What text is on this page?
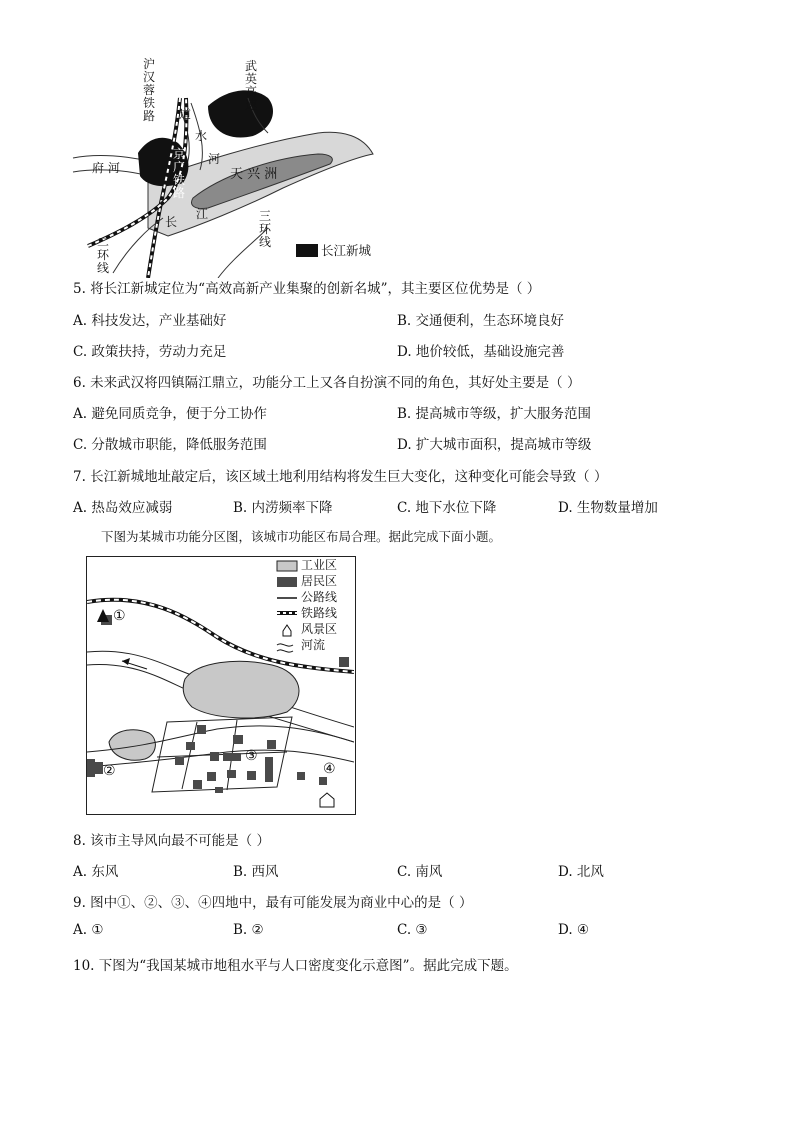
沪
汉
蓉
铁
路
武
英
高
速
道
水
河
京
广
铁
路
长
二
环
线
三
环
线
府 河	天 兴 洲
江
长江新城
5. 将长江新城定位为“高效高新产业集聚的创新名城”，其主要区位优势是（ ）
A. 科技发达，产业基础好	B. 交通便利，生态环境良好
C. 政策扶持，劳动力充足	D. 地价较低，基础设施完善
6. 未来武汉将四镇隔江鼎立，功能分工上又各自扮演不同的角色，其好处主要是（ ）
A. 避免同质竞争，便于分工协作	B. 提高城市等级，扩大服务范围
C. 分散城市职能，降低服务范围	D. 扩大城市面积，提高城市等级
7. 长江新城地址敲定后，该区域土地利用结构将发生巨大变化，这种变化可能会导致（ ）
A. 热岛效应减弱	B. 内涝频率下降	C. 地下水位下降	D. 生物数量增加
下图为某城市功能分区图，该城市功能区布局合理。据此完成下面小题。
工业区
居民区
公路线
铁路线
风景区
河流
①
②
③
④
8. 该市主导风向最不可能是（ ）
A. 东风	B. 西风	C. 南风	D. 北风
9. 图中①、②、③、④四地中，最有可能发展为商业中心的是（ ）
A. ①	B. ②	C. ③	D. ④
10. 下图为“我国某城市地租水平与人口密度变化示意图”。据此完成下题。
